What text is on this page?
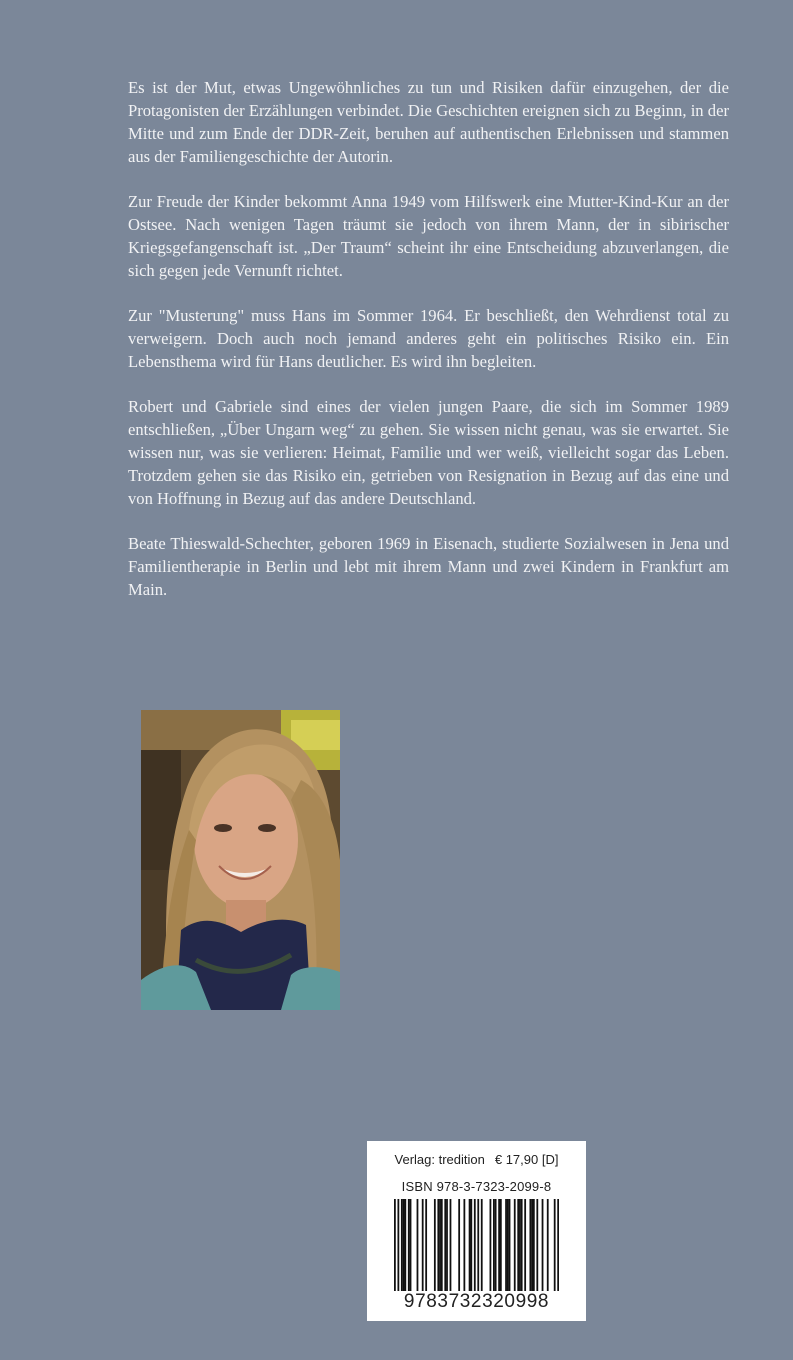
Es ist der Mut, etwas Ungewöhnliches zu tun und Risiken dafür einzugehen, der die Protagonisten der Erzählungen verbindet. Die Geschichten ereignen sich zu Beginn, in der Mitte und zum Ende der DDR-Zeit, beruhen auf authentischen Erlebnissen und stammen aus der Familiengeschichte der Autorin.

Zur Freude der Kinder bekommt Anna 1949 vom Hilfswerk eine Mutter-Kind-Kur an der Ostsee. Nach wenigen Tagen träumt sie jedoch von ihrem Mann, der in sibirischer Kriegsgefangenschaft ist. „Der Traum“ scheint ihr eine Entscheidung abzuverlangen, die sich gegen jede Vernunft richtet.

Zur "Musterung" muss Hans im Sommer 1964. Er beschließt, den Wehrdienst total zu verweigern. Doch auch noch jemand anderes geht ein politisches Risiko ein. Ein Lebensthema wird für Hans deutlicher. Es wird ihn begleiten.

Robert und Gabriele sind eines der vielen jungen Paare, die sich im Sommer 1989 entschließen, „Über Ungarn weg“ zu gehen. Sie wissen nicht genau, was sie erwartet. Sie wissen nur, was sie verlieren: Heimat, Familie und wer weiß, vielleicht sogar das Leben. Trotzdem gehen sie das Risiko ein, getrieben von Resignation in Bezug auf das eine und von Hoffnung in Bezug auf das andere Deutschland.

Beate Thieswald-Schechter, geboren 1969 in Eisenach, studierte Sozialwesen in Jena und Familientherapie in Berlin und lebt mit ihrem Mann und zwei Kindern in Frankfurt am Main.

Verlag: tredition € 17,90 [D]
ISBN 978-3-7323-2099-8
9783732320998
